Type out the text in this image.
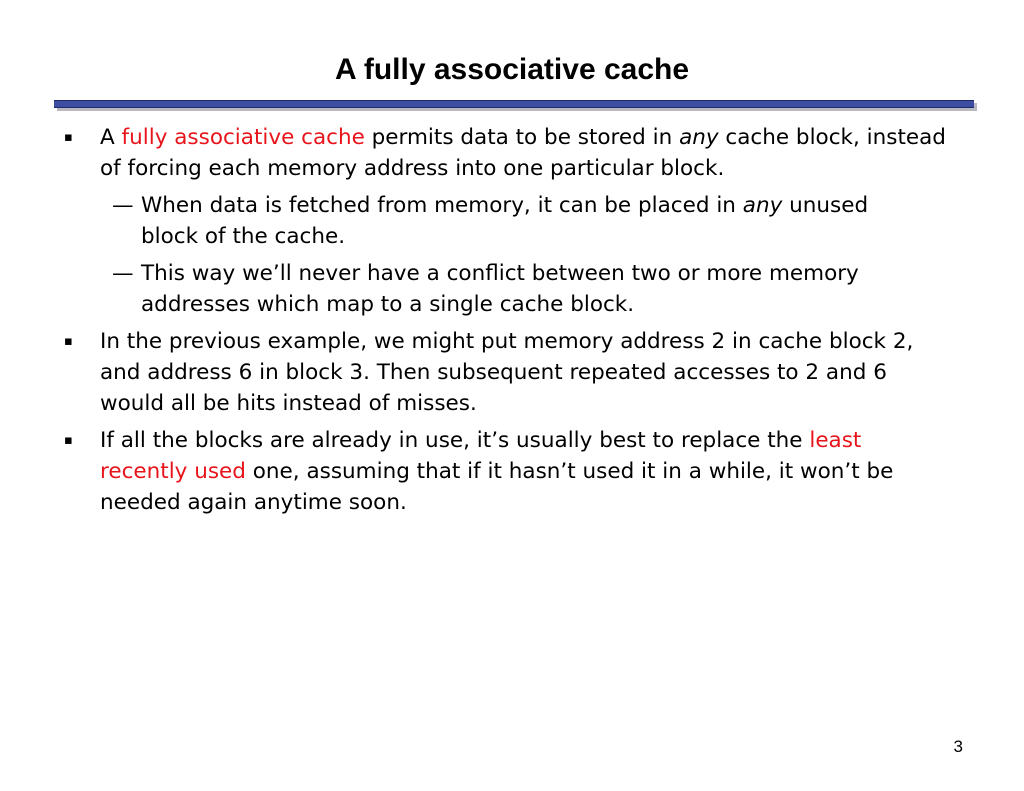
A fully associative cache
▪ A fully associative cache permits data to be stored in any cache block, instead of forcing each memory address into one particular block.
— When data is fetched from memory, it can be placed in any unused block of the cache.
— This way we’ll never have a conflict between two or more memory addresses which map to a single cache block.
▪ In the previous example, we might put memory address 2 in cache block 2, and address 6 in block 3. Then subsequent repeated accesses to 2 and 6 would all be hits instead of misses.
▪ If all the blocks are already in use, it’s usually best to replace the least recently used one, assuming that if it hasn’t used it in a while, it won’t be needed again anytime soon.
3
